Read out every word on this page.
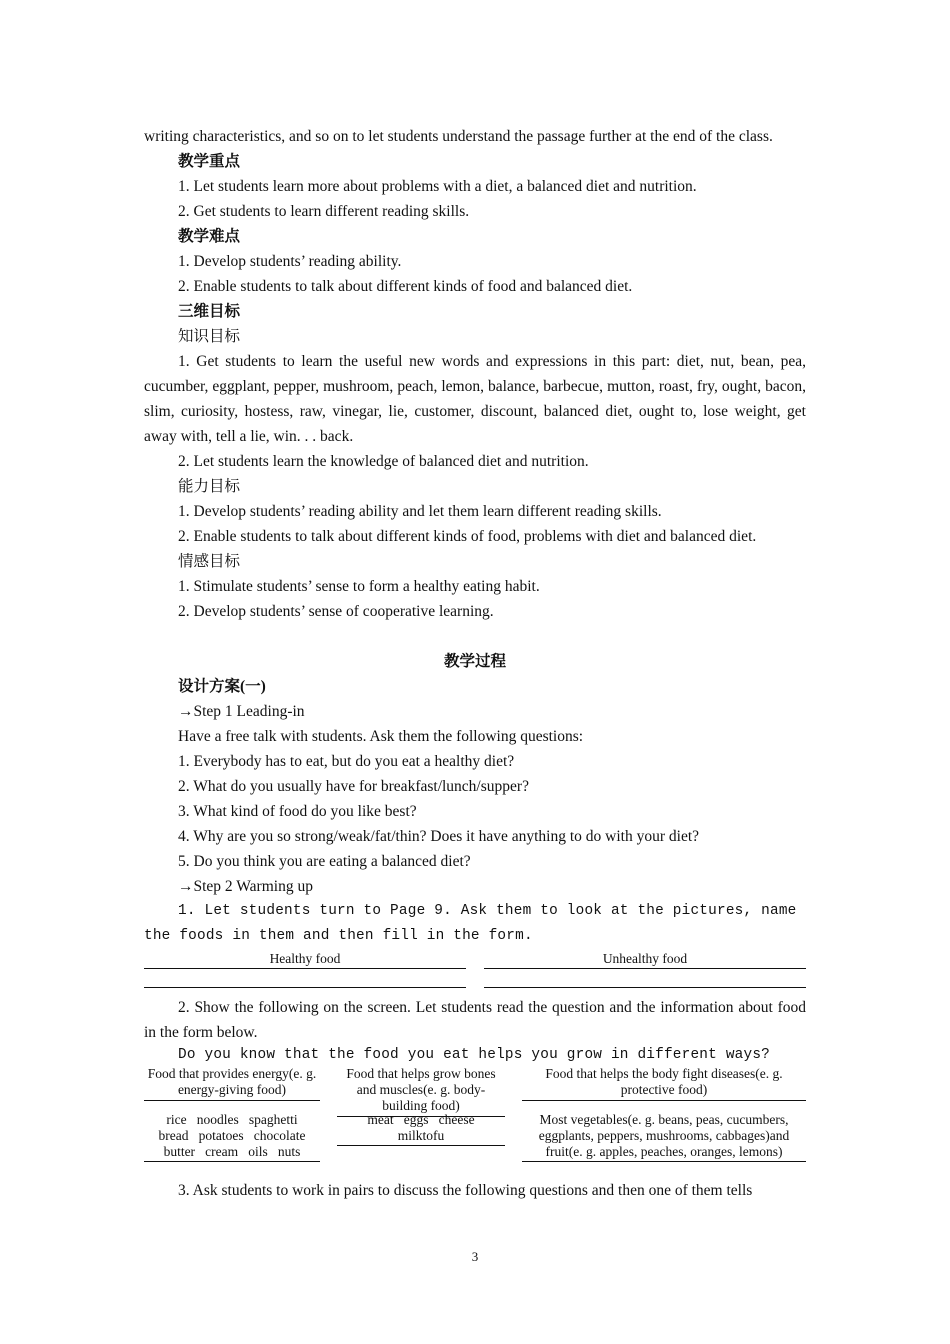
writing characteristics, and so on to let students understand the passage further at the end of the class.

教学重点

1. Let students learn more about problems with a diet, a balanced diet and nutrition.

2. Get students to learn different reading skills.

教学难点

1. Develop students’ reading ability.

2. Enable students to talk about different kinds of food and balanced diet.

三维目标

知识目标

1. Get students to learn the useful new words and expressions in this part: diet, nut, bean, pea, cucumber, eggplant, pepper, mushroom, peach, lemon, balance, barbecue, mutton, roast, fry, ought, bacon, slim, curiosity, hostess, raw, vinegar, lie, customer, discount, balanced diet, ought to, lose weight, get away with, tell a lie, win. . . back.

2. Let students learn the knowledge of balanced diet and nutrition.

能力目标

1. Develop students’ reading ability and let them learn different reading skills.

2. Enable students to talk about different kinds of food, problems with diet and balanced diet.

情感目标

1. Stimulate students’ sense to form a healthy eating habit.

2. Develop students’ sense of cooperative learning.

教学过程

设计方案(一)

→Step 1 Leading-in

Have a free talk with students. Ask them the following questions:

1. Everybody has to eat, but do you eat a healthy diet?

2. What do you usually have for breakfast/lunch/supper?

3. What kind of food do you like best?

4. Why are you so strong/weak/fat/thin? Does it have anything to do with your diet?

5. Do you think you are eating a balanced diet?

→Step 2 Warming up

1. Let students turn to Page 9. Ask them to look at the pictures, name the foods in them and then fill in the form.

Healthy food	Unhealthy food

2. Show the following on the screen. Let students read the question and the information about food in the form below.

Do you know that the food you eat helps you grow in different ways?

Food that provides energy(e. g. energy-giving food)
rice   noodles   spaghetti
bread   potatoes   chocolate
butter   cream   oils   nuts
Food that helps grow bones and muscles(e. g. body-building food)
meat   eggs   cheese
milktofu
Food that helps the body fight diseases(e. g. protective food)
Most vegetables(e. g. beans, peas, cucumbers,
eggplants, peppers, mushrooms, cabbages)and
fruit(e. g. apples, peaches, oranges, lemons)

3. Ask students to work in pairs to discuss the following questions and then one of them tells

3
